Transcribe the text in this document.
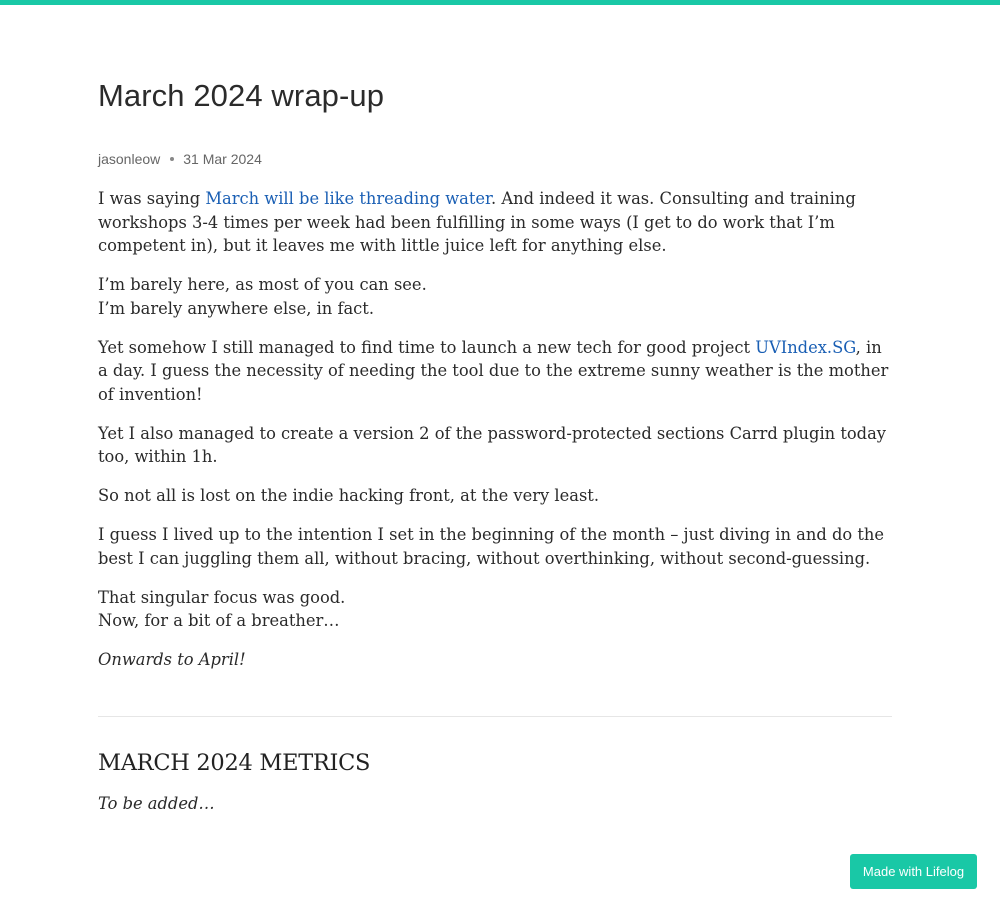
March 2024 wrap-up
jasonleow 31 Mar 2024

I was saying March will be like threading water. And indeed it was. Consulting and training workshops 3-4 times per week had been fulfilling in some ways (I get to do work that I’m competent in), but it leaves me with little juice left for anything else.

I’m barely here, as most of you can see.
I’m barely anywhere else, in fact.

Yet somehow I still managed to find time to launch a new tech for good project UVIndex.SG, in a day. I guess the necessity of needing the tool due to the extreme sunny weather is the mother of invention!

Yet I also managed to create a version 2 of the password-protected sections Carrd plugin today too, within 1h.

So not all is lost on the indie hacking front, at the very least.

I guess I lived up to the intention I set in the beginning of the month – just diving in and do the best I can juggling them all, without bracing, without overthinking, without second-guessing.

That singular focus was good.
Now, for a bit of a breather…

Onwards to April!

MARCH 2024 METRICS

To be added…

Made with Lifelog
